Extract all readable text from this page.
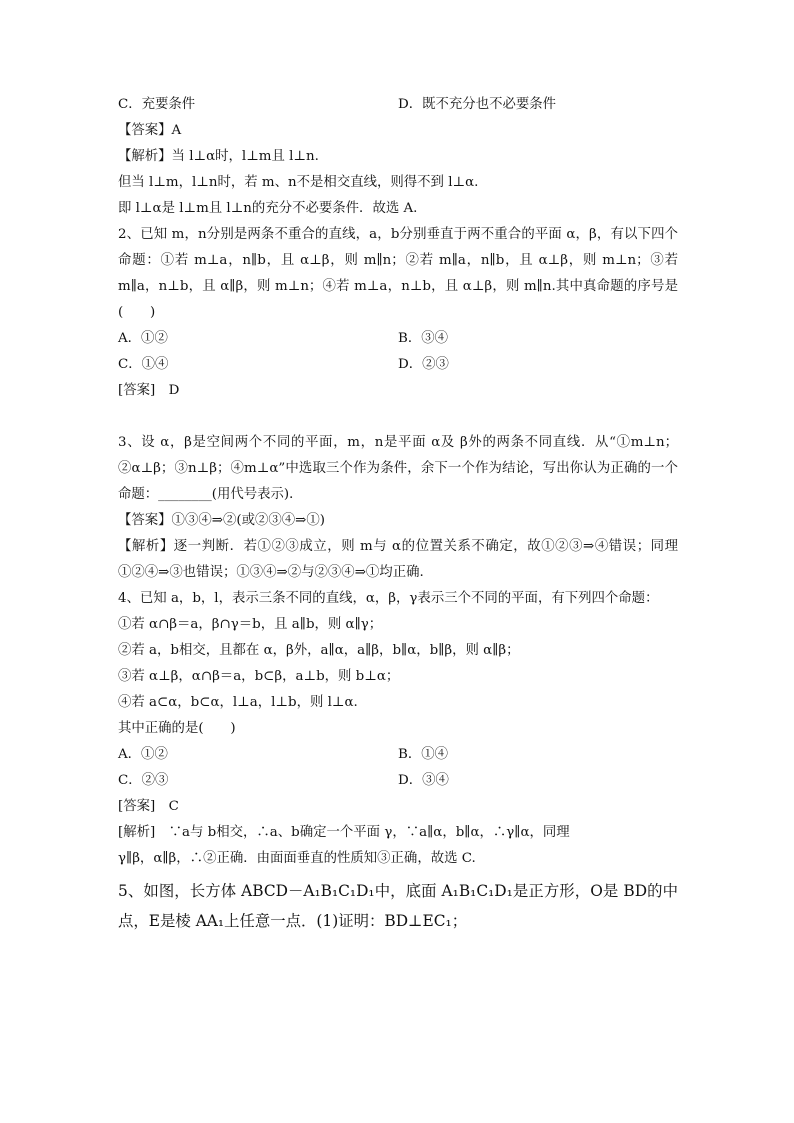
C．充要条件	D．既不充分也不必要条件
【答案】A
【解析】当 l⊥α时，l⊥m且 l⊥n.
但当 l⊥m，l⊥n时，若 m、n不是相交直线，则得不到 l⊥α.
即 l⊥α是 l⊥m且 l⊥n的充分不必要条件．故选 A.
2、已知 m，n分别是两条不重合的直线，a，b分别垂直于两不重合的平面 α，β，有以下四个命题：①若 m⊥a，n∥b，且 α⊥β，则 m∥n；②若 m∥a，n∥b，且 α⊥β，则 m⊥n；③若 m∥a，n⊥b，且 α∥β，则 m⊥n；④若 m⊥a，n⊥b，且 α⊥β，则 m∥n.其中真命题的序号是(　　)
A．①②	B．③④
C．①④	D．②③
[答案]　D
3、设 α，β是空间两个不同的平面，m，n是平面 α及 β外的两条不同直线．从“①m⊥n；②α⊥β；③n⊥β；④m⊥α”中选取三个作为条件，余下一个作为结论，写出你认为正确的一个命题：________(用代号表示)．
【答案】①③④⇒②(或②③④⇒①)
【解析】逐一判断．若①②③成立，则 m与 α的位置关系不确定，故①②③⇒④错误；同理①②④⇒③也错误；①③④⇒②与②③④⇒①均正确.
4、已知 a，b，l，表示三条不同的直线，α，β，γ表示三个不同的平面，有下列四个命题：
①若 α∩β＝a，β∩γ＝b，且 a∥b，则 α∥γ；
②若 a，b相交，且都在 α，β外，a∥α，a∥β，b∥α，b∥β，则 α∥β；
③若 α⊥β，α∩β＝a，b⊂β，a⊥b，则 b⊥α；
④若 a⊂α，b⊂α，l⊥a，l⊥b，则 l⊥α.
其中正确的是(　　)
A．①②	B．①④
C．②③	D．③④
[答案]　C
[解析]　∵a与 b相交，∴a、b确定一个平面 γ，∵a∥α，b∥α，∴γ∥α，同理
γ∥β，α∥β，∴②正确．由面面垂直的性质知③正确，故选 C.
5、如图，长方体 ABCD－A₁B₁C₁D₁中，底面 A₁B₁C₁D₁是正方形，O是 BD的中点，E是棱 AA₁上任意一点．(1)证明：BD⊥EC₁；
